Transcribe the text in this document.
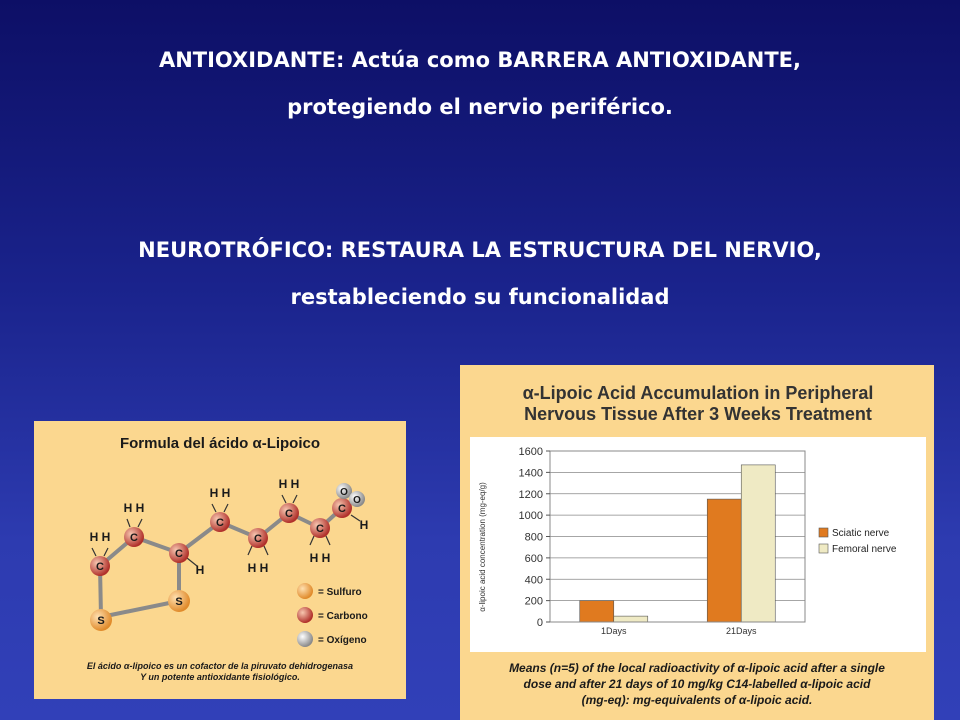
ANTIOXIDANTE: Actúa como BARRERA ANTIOXIDANTE,
protegiendo el nervio periférico.
NEUROTRÓFICO: RESTAURA LA ESTRUCTURA DEL NERVIO,
restableciendo su funcionalidad
Formula del ácido α-Lipoico
C
C
C
C
C
C
C
C
S
S
O
O
H H
H H
H H
H H
H H
H H
H
H
= Sulfuro
= Carbono
= Oxígeno
El ácido α-lipoico es un cofactor de la piruvato dehidrogenasa
Y un potente antioxidante fisiológico.
α-Lipoic Acid Accumulation in Peripheral
Nervous Tissue After 3 Weeks Treatment
0
200
400
600
800
1000
1200
1400
1600
1Days	21Days
Sciatic nerve
Femoral nerve
α-lipoic acid concentration (mg-eq/g)
Means (n=5) of the local radioactivity of α-lipoic acid after a single
dose and after 21 days of 10 mg/kg C14-labelled α-lipoic acid
(mg-eq): mg-equivalents of α-lipoic acid.
